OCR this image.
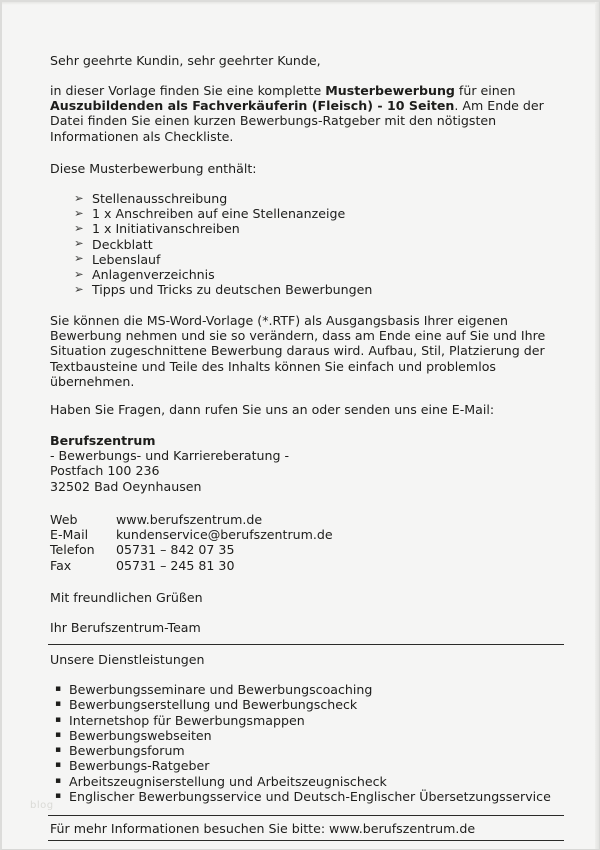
Sehr geehrte Kundin, sehr geehrter Kunde,

in dieser Vorlage finden Sie eine komplette Musterbewerbung für einen Auszubildenden als Fachverkäuferin (Fleisch) - 10 Seiten. Am Ende der Datei finden Sie einen kurzen Bewerbungs-Ratgeber mit den nötigsten Informationen als Checkliste.

Diese Musterbewerbung enthält:

➢ Stellenausschreibung
➢ 1 x Anschreiben auf eine Stellenanzeige
➢ 1 x Initiativanschreiben
➢ Deckblatt
➢ Lebenslauf
➢ Anlagenverzeichnis
➢ Tipps und Tricks zu deutschen Bewerbungen

Sie können die MS-Word-Vorlage (*.RTF) als Ausgangsbasis Ihrer eigenen Bewerbung nehmen und sie so verändern, dass am Ende eine auf Sie und Ihre Situation zugeschnittene Bewerbung daraus wird. Aufbau, Stil, Platzierung der Textbausteine und Teile des Inhalts können Sie einfach und problemlos übernehmen.

Haben Sie Fragen, dann rufen Sie uns an oder senden uns eine E-Mail:

Berufszentrum
- Bewerbungs- und Karriereberatung -
Postfach 100 236
32502 Bad Oeynhausen
Web	www.berufszentrum.de
E-Mail	kundenservice@berufszentrum.de
Telefon	05731 – 842 07 35
Fax	05731 – 245 81 30

Mit freundlichen Grüßen

Ihr Berufszentrum-Team

Unsere Dienstleistungen

▪ Bewerbungsseminare und Bewerbungscoaching
▪ Bewerbungserstellung und Bewerbungscheck
▪ Internetshop für Bewerbungsmappen
▪ Bewerbungswebseiten
▪ Bewerbungsforum
▪ Bewerbungs-Ratgeber
▪ Arbeitszeugniserstellung und Arbeitszeugnischeck
▪ Englischer Bewerbungsservice und Deutsch-Englischer Übersetzungsservice

Für mehr Informationen besuchen Sie bitte: www.berufszentrum.de

blog
